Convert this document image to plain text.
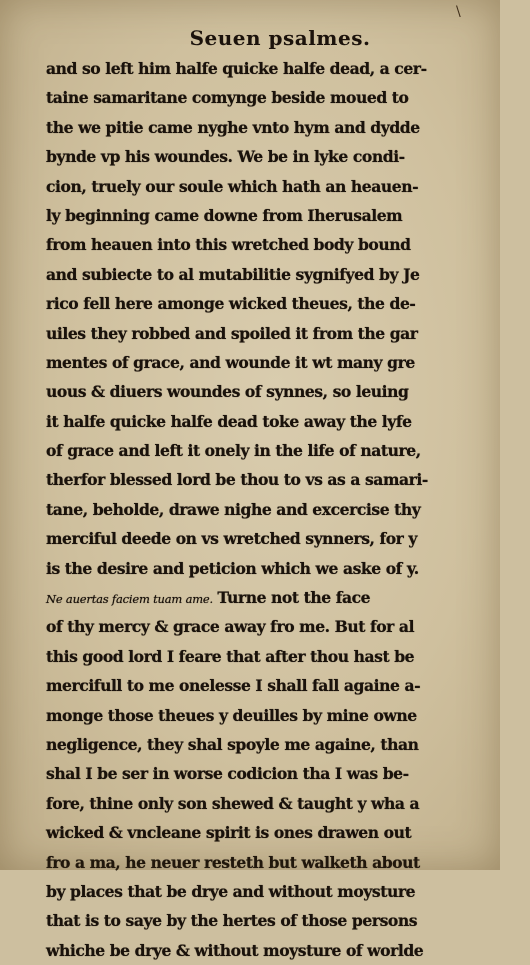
\
Seuen psalmes.
and so left him halfe quicke halfe dead, a cer-
taine samaritane comynge beside moued to
the we pitie came nyghe vnto hym and dydde
bynde vp his woundes. We be in lyke condi-
cion, truely our soule which hath an heauen-
ly beginning came downe from Iherusalem
from heauen into this wretched body bound
and subiecte to al mutabilitie sygnifyed by Je
rico fell here amonge wicked theues, the de-
uiles they robbed and spoiled it from the gar
mentes of grace, and wounde it wt many gre
uous & diuers woundes of synnes, so leuing
it halfe quicke halfe dead toke away the lyfe
of grace and left it onely in the life of nature,
therfor blessed lord be thou to vs as a samari-
tane, beholde, drawe nighe and excercise thy
merciful deede on vs wretched synners, for y
is the desire and peticion which we aske of y.
Ne auertas faciem tuam ame. Turne not the face
of thy mercy & grace away fro me. But for al
this good lord I feare that after thou hast be
mercifull to me onelesse I shall fall againe a-
monge those theues y deuilles by mine owne
negligence, they shal spoyle me againe, than
shal I be ser in worse codicion tha I was be-
fore, thine only son shewed & taught y wha a
wicked & vncleane spirit is ones drawen out
fro a ma, he neuer resteth but walketh about
by places that be drye and without moysture
that is to saye by the hertes of those persons
whiche be drye & without moysture of worlde
